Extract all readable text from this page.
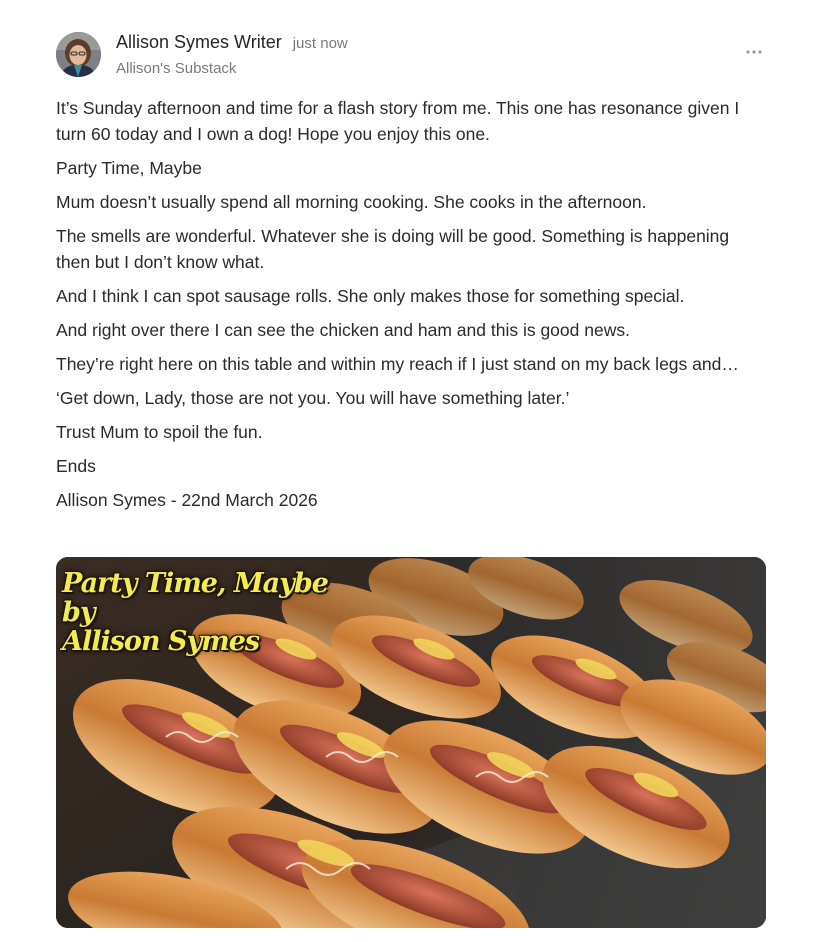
Allison Symes Writer just now
Allison's Substack

It’s Sunday afternoon and time for a flash story from me. This one has resonance given I turn 60 today and I own a dog! Hope you enjoy this one.

Party Time, Maybe

Mum doesn’t usually spend all morning cooking. She cooks in the afternoon.

The smells are wonderful. Whatever she is doing will be good. Something is happening then but I don’t know what.

And I think I can spot sausage rolls. She only makes those for something special.

And right over there I can see the chicken and ham and this is good news.

They’re right here on this table and within my reach if I just stand on my back legs and…

‘Get down, Lady, those are not you. You will have something later.’

Trust Mum to spoil the fun.

Ends

Allison Symes - 22nd March 2026

Party Time, Maybe
by
Allison Symes
